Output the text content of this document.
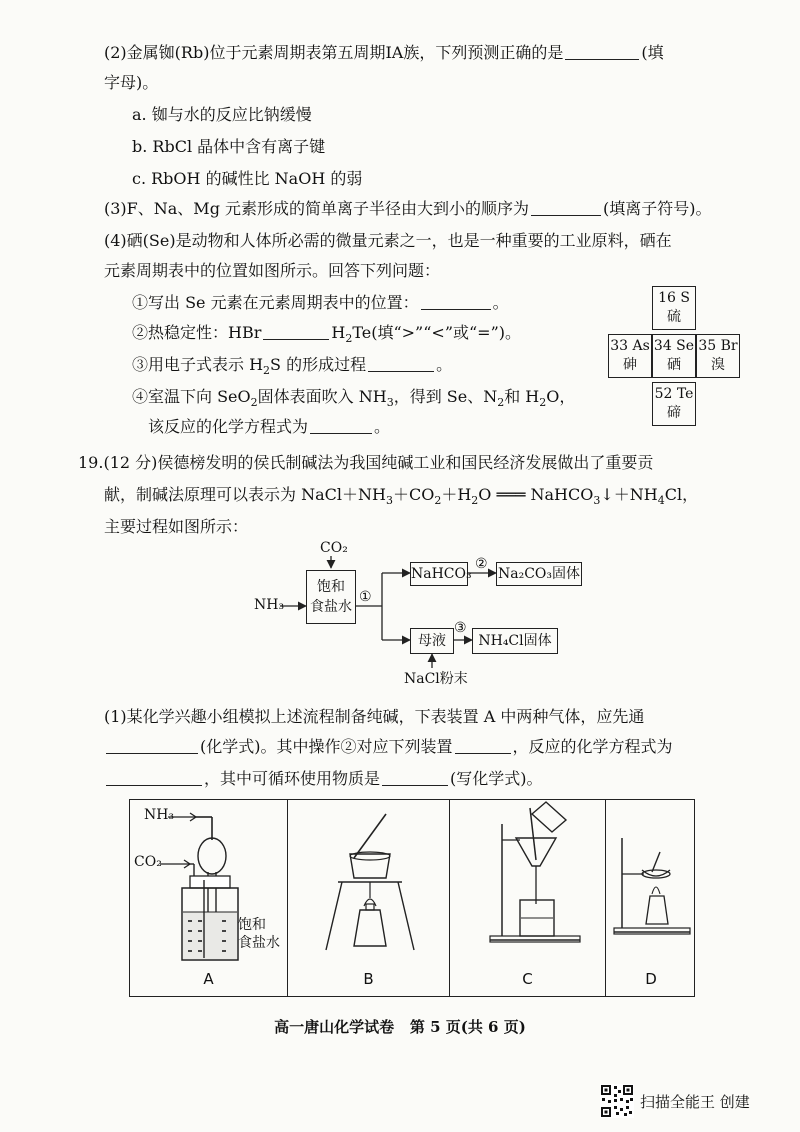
(2)金属铷(Rb)位于元素周期表第五周期ⅠA族，下列预测正确的是	(填
字母)。
a. 铷与水的反应比钠缓慢
b. RbCl 晶体中含有离子键
c. RbOH 的碱性比 NaOH 的弱
(3)F、Na、Mg 元素形成的简单离子半径由大到小的顺序为	(填离子符号)。
(4)硒(Se)是动物和人体所必需的微量元素之一，也是一种重要的工业原料，硒在
元素周期表中的位置如图所示。回答下列问题：
①写出 Se 元素在元素周期表中的位置：	。
②热稳定性：HBr	$H_2Te$(填“>”“<”或“=”)。
③用电子式表示 $H_2S$ 的形成过程	。
④室温下向 SeO$_2$固体表面吹入 $NH_3$，得到 Se、$N_2$和 $H_2O$，
该反应的化学方程式为	。
16 S
硫
33 As
砷
34 Se
硒
35 Br
溴
52 Te
碲
19.(12 分)侯德榜发明的侯氏制碱法为我国纯碱工业和国民经济发展做出了重要贡
献，制碱法原理可以表示为 $NaCl+NH_3+CO_2+H_2O$ ═══ $NaHCO_3↓+NH_4Cl$，
主要过程如图所示：
CO₂
NH₃
饱和
食盐水
①
NaHCO₃
②
Na₂CO₃固体
母液
③
NH₄Cl固体
NaCl粉末
(1)某化学兴趣小组模拟上述流程制备纯碱，下表装置 A 中两种气体，应先通
(化学式)。其中操作②对应下列装置	，反应的化学方程式为
，其中可循环使用物质是	(写化学式)。
NH₃
CO₂
饱和
食盐水
A	B	C	D
高一唐山化学试卷 第 5 页(共 6 页)
扫描全能王 创建
